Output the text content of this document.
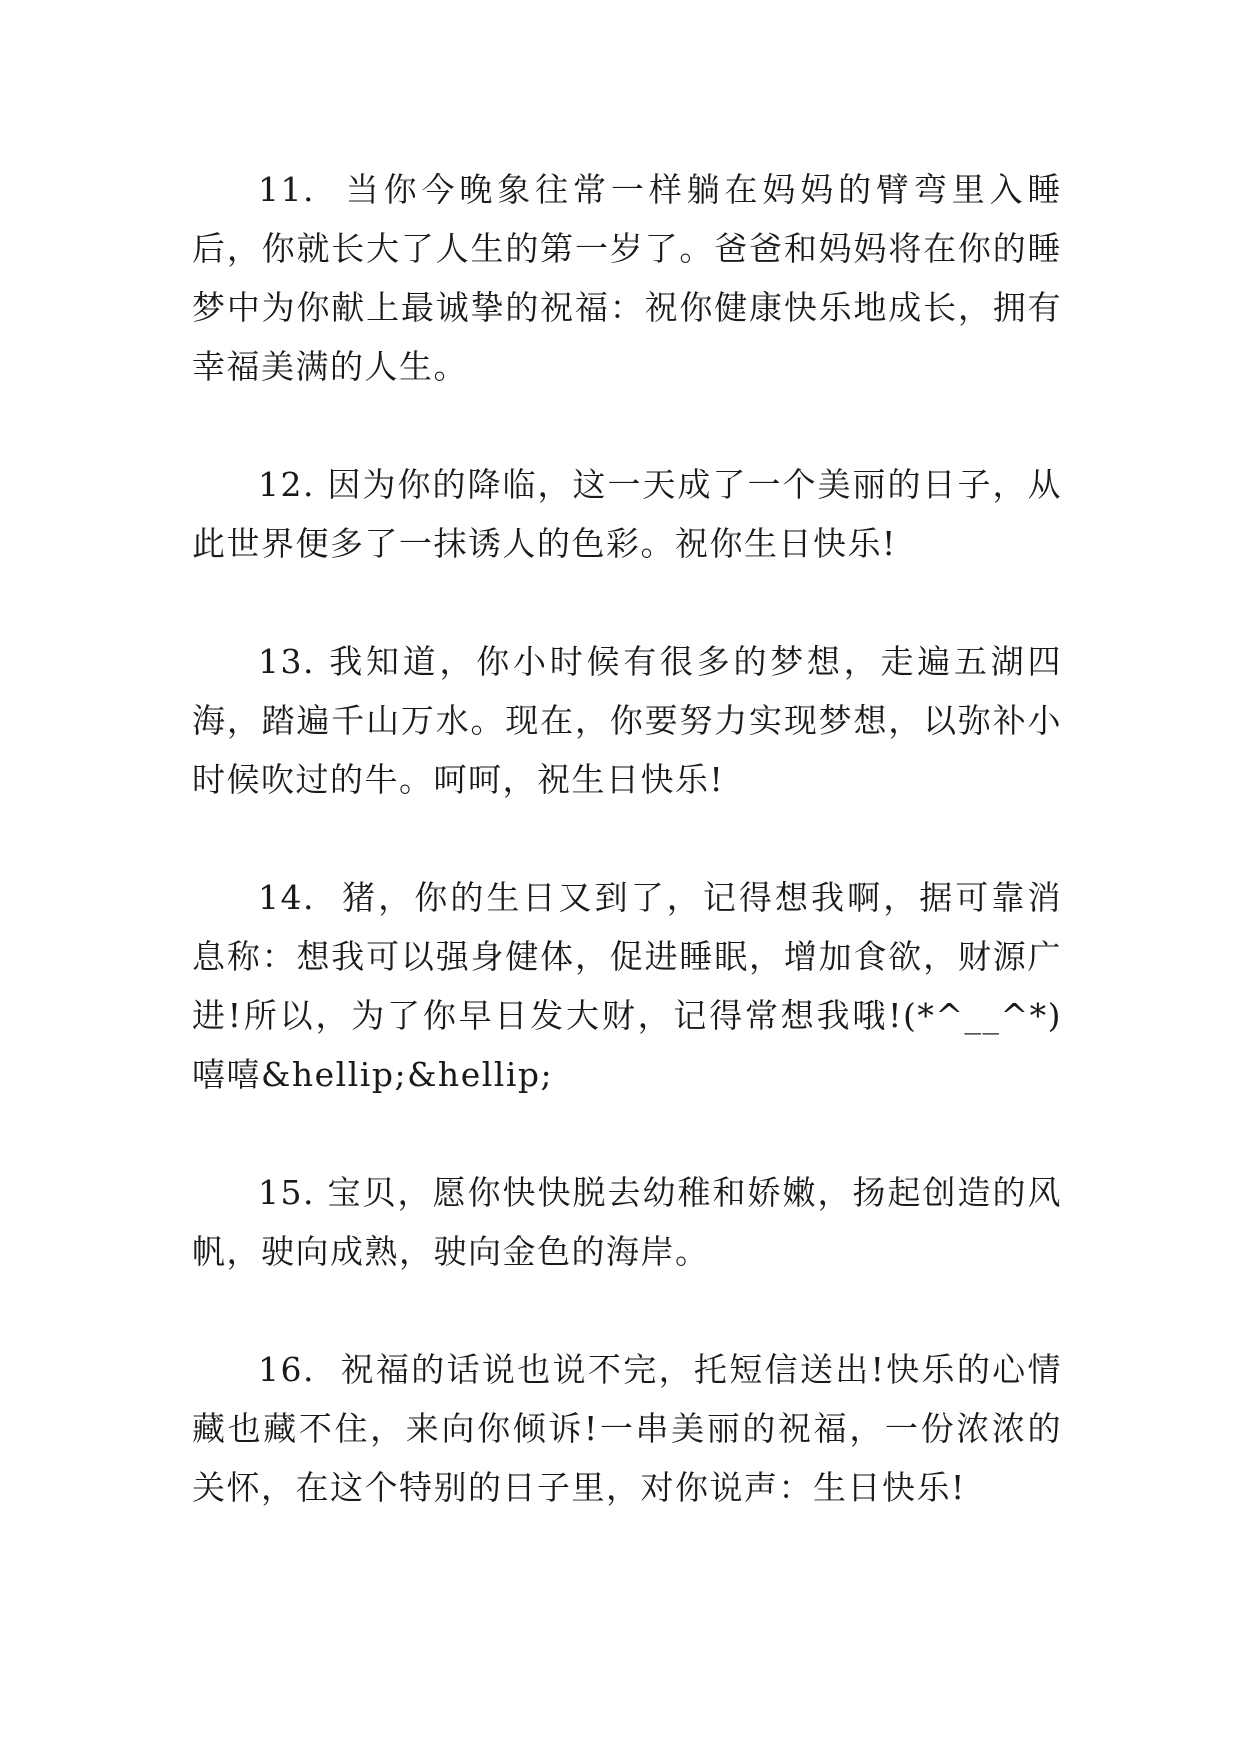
11.  当你今晚象往常一样躺在妈妈的臂弯里入睡后，你就长大了人生的第一岁了。爸爸和妈妈将在你的睡梦中为你献上最诚挚的祝福：祝你健康快乐地成长，拥有幸福美满的人生。

12. 因为你的降临，这一天成了一个美丽的日子，从此世界便多了一抹诱人的色彩。祝你生日快乐!

13. 我知道，你小时候有很多的梦想，走遍五湖四海，踏遍千山万水。现在，你要努力实现梦想，以弥补小时候吹过的牛。呵呵，祝生日快乐!

14.  猪，你的生日又到了，记得想我啊，据可靠消息称：想我可以强身健体，促进睡眠，增加食欲，财源广进!所以，为了你早日发大财，记得常想我哦!(*^__^*)嘻嘻&hellip;&hellip;

15. 宝贝，愿你快快脱去幼稚和娇嫩，扬起创造的风帆，驶向成熟，驶向金色的海岸。

16.  祝福的话说也说不完，托短信送出!快乐的心情藏也藏不住，来向你倾诉!一串美丽的祝福，一份浓浓的关怀，在这个特别的日子里，对你说声：生日快乐!
